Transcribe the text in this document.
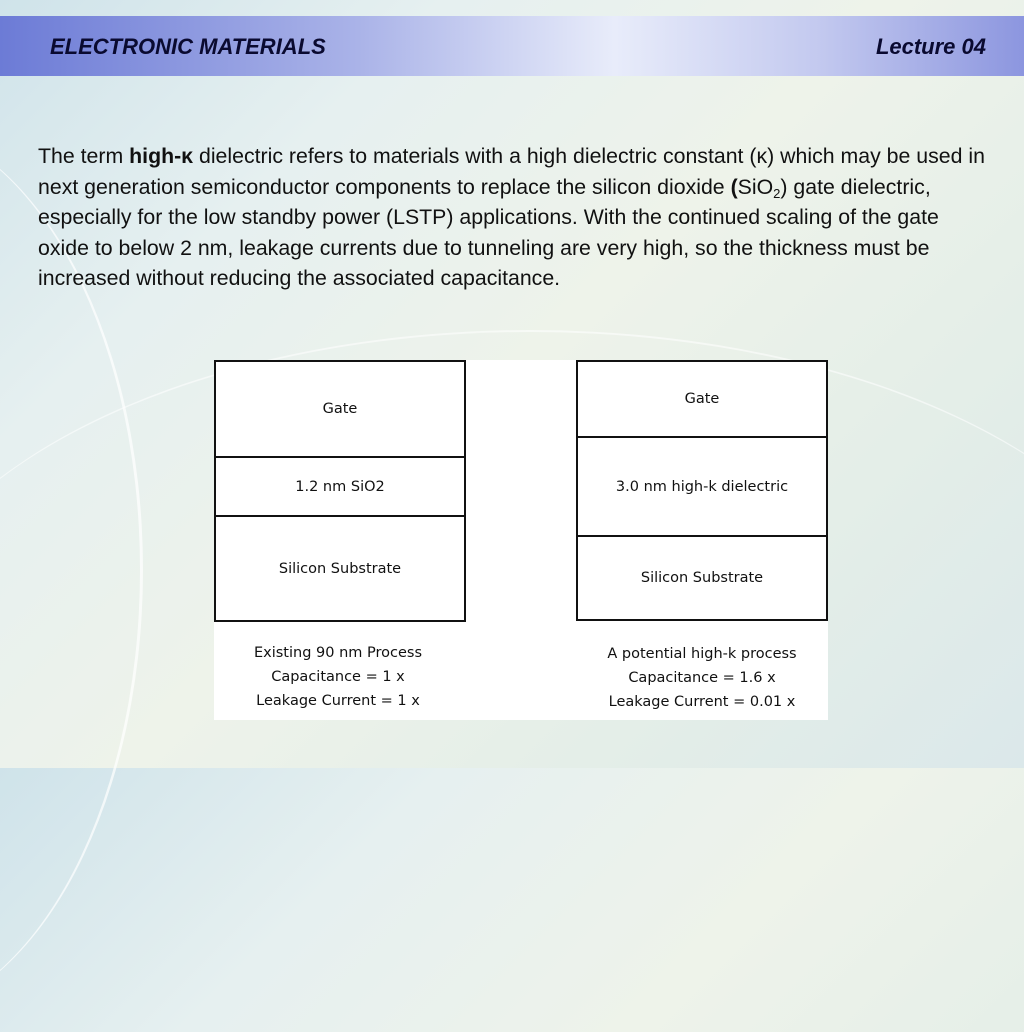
ELECTRONIC MATERIALS	Lecture 04
The term high-κ dielectric refers to materials with a high dielectric constant (κ) which may be used in next generation semiconductor components to replace the silicon dioxide (SiO$_2$) gate dielectric, especially for the low standby power (LSTP) applications. With the continued scaling of the gate oxide to below 2 nm, leakage currents due to tunneling are very high, so the thickness must be increased without reducing the associated capacitance.
Gate
1.2 nm SiO2
Silicon Substrate
Gate
3.0 nm high-k dielectric
Silicon Substrate
Existing 90 nm Process
Capacitance = 1 x
Leakage Current = 1 x
A potential high-k process
Capacitance = 1.6 x
Leakage Current = 0.01 x
